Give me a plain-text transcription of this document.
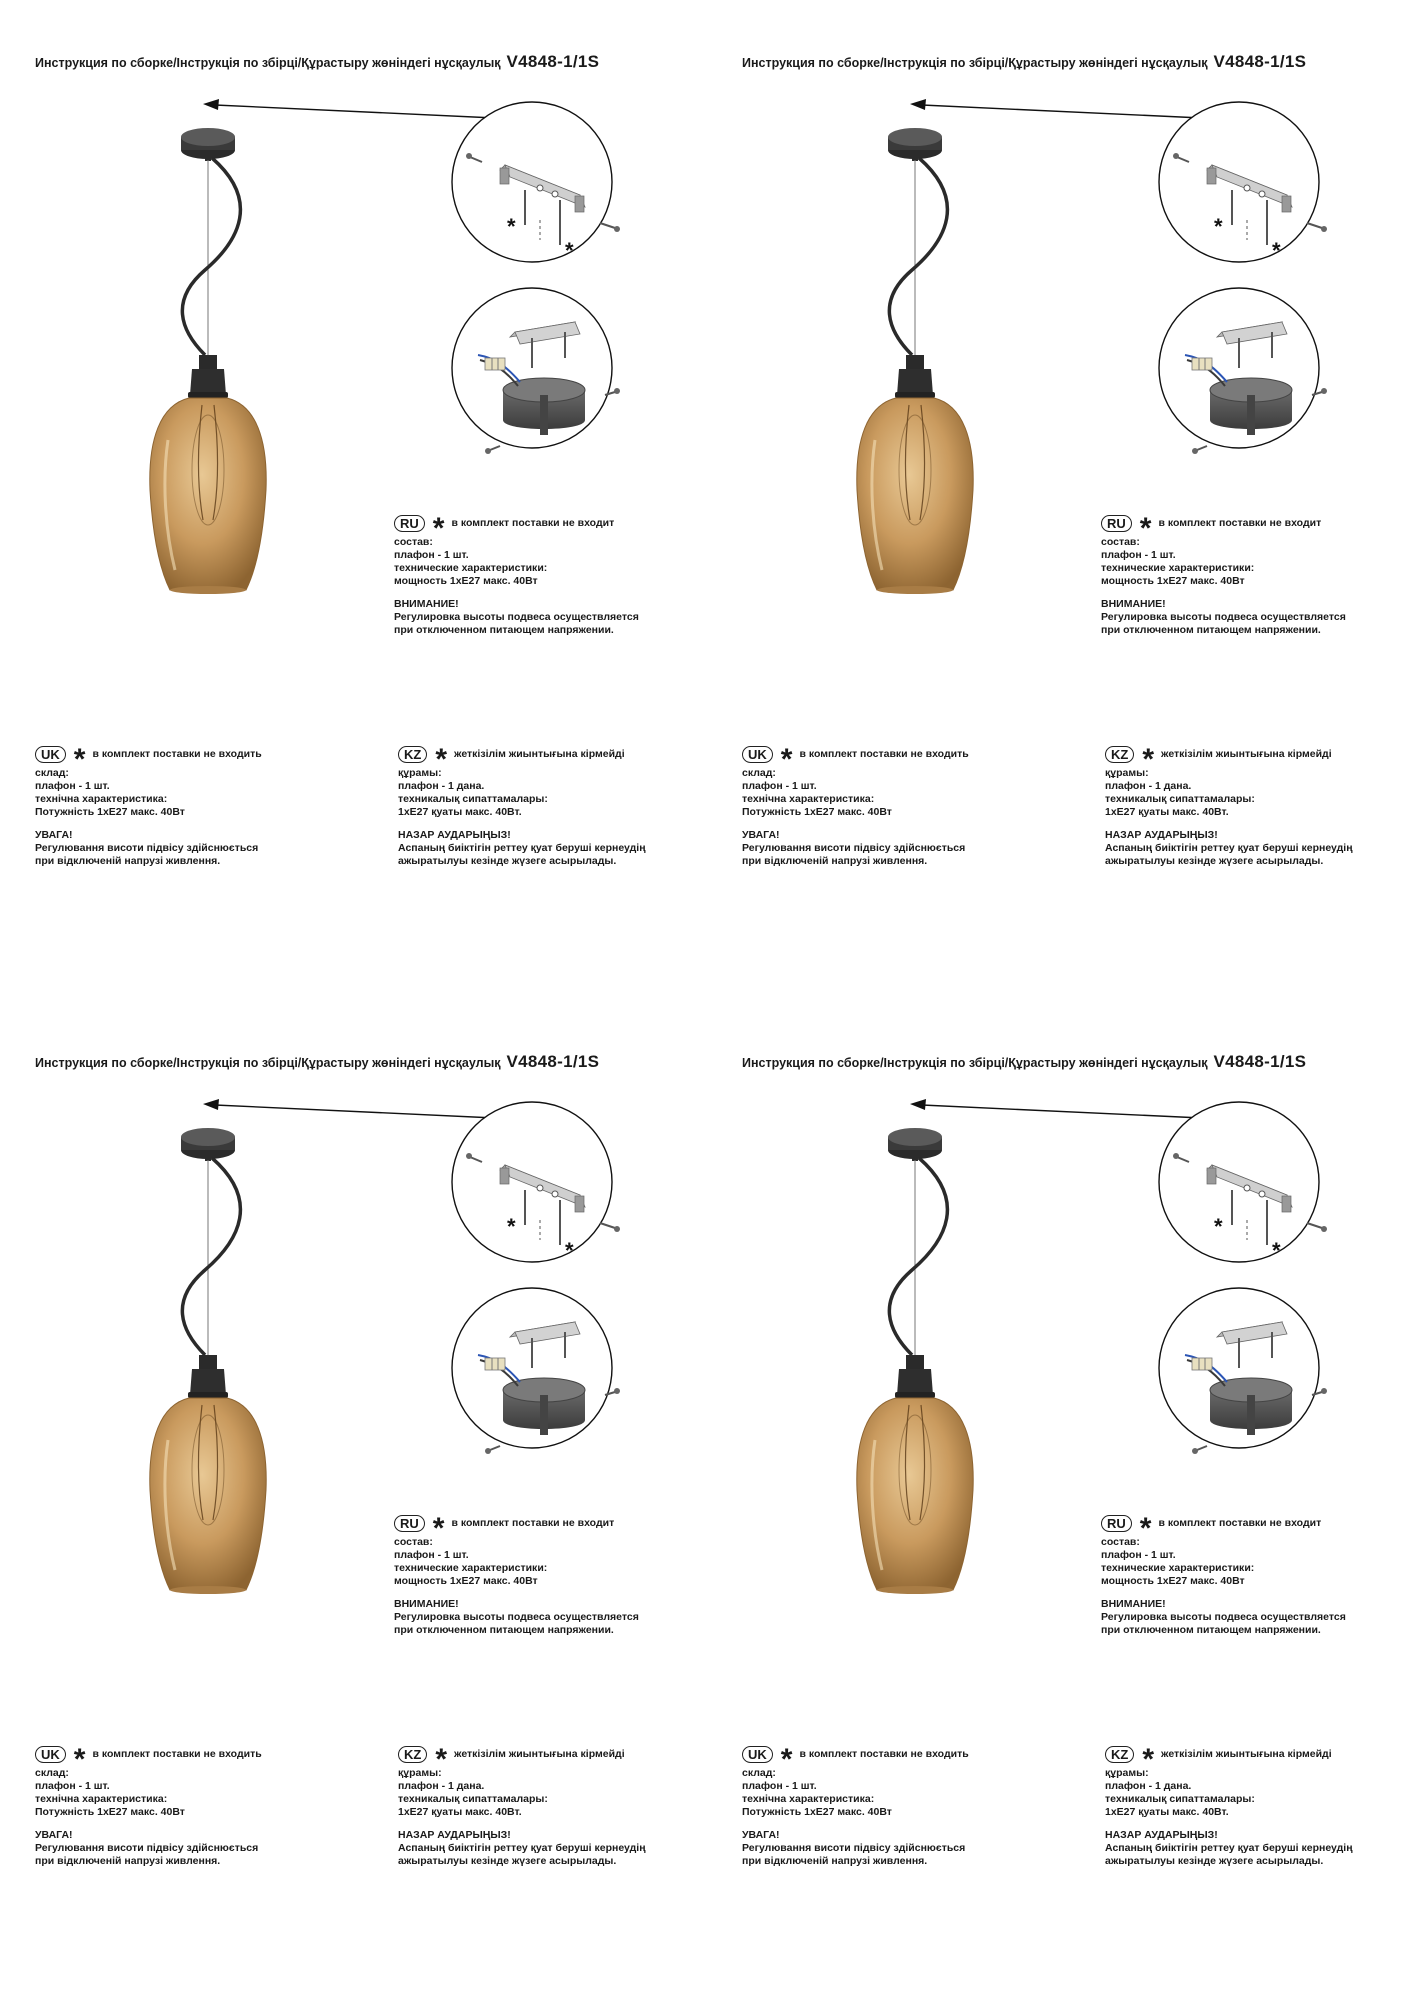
Инструкция по сборке/Інструкція по збірці/Құрастыру жөніндегі нұсқаулық V4848-1/1S
*
*
RU * в комплект поставки не входит
состав:
плафон - 1 шт.
технические характеристики:
мощность 1хЕ27 макс. 40Вт
ВНИМАНИЕ!
Регулировка высоты подвеса осуществляется
при отключенном питающем напряжении.
UK * в комплект поставки не входить
склад:
плафон - 1 шт.
технічна характеристика:
Потужність 1хЕ27 макс. 40Вт
УВАГА!
Регулювання висоти підвісу здійснюється
при відключеній напрузі живлення.
KZ * жеткізілім жиынтығына кірмейді
құрамы:
плафон - 1 дана.
техникалық сипаттамалары:
1хЕ27 қуаты макс. 40Вт.
НАЗАР АУДАРЫҢЫЗ!
Аспаның биіктігін реттеу қуат беруші кернеудің
ажыратылуы кезінде жүзеге асырылады.
Инструкция по сборке/Інструкція по збірці/Құрастыру жөніндегі нұсқаулық V4848-1/1S
*
*
RU * в комплект поставки не входит
состав:
плафон - 1 шт.
технические характеристики:
мощность 1хЕ27 макс. 40Вт
ВНИМАНИЕ!
Регулировка высоты подвеса осуществляется
при отключенном питающем напряжении.
UK * в комплект поставки не входить
склад:
плафон - 1 шт.
технічна характеристика:
Потужність 1хЕ27 макс. 40Вт
УВАГА!
Регулювання висоти підвісу здійснюється
при відключеній напрузі живлення.
KZ * жеткізілім жиынтығына кірмейді
құрамы:
плафон - 1 дана.
техникалық сипаттамалары:
1хЕ27 қуаты макс. 40Вт.
НАЗАР АУДАРЫҢЫЗ!
Аспаның биіктігін реттеу қуат беруші кернеудің
ажыратылуы кезінде жүзеге асырылады.
Инструкция по сборке/Інструкція по збірці/Құрастыру жөніндегі нұсқаулық V4848-1/1S
*
*
RU * в комплект поставки не входит
состав:
плафон - 1 шт.
технические характеристики:
мощность 1хЕ27 макс. 40Вт
ВНИМАНИЕ!
Регулировка высоты подвеса осуществляется
при отключенном питающем напряжении.
UK * в комплект поставки не входить
склад:
плафон - 1 шт.
технічна характеристика:
Потужність 1хЕ27 макс. 40Вт
УВАГА!
Регулювання висоти підвісу здійснюється
при відключеній напрузі живлення.
KZ * жеткізілім жиынтығына кірмейді
құрамы:
плафон - 1 дана.
техникалық сипаттамалары:
1хЕ27 қуаты макс. 40Вт.
НАЗАР АУДАРЫҢЫЗ!
Аспаның биіктігін реттеу қуат беруші кернеудің
ажыратылуы кезінде жүзеге асырылады.
Инструкция по сборке/Інструкція по збірці/Құрастыру жөніндегі нұсқаулық V4848-1/1S
*
*
RU * в комплект поставки не входит
состав:
плафон - 1 шт.
технические характеристики:
мощность 1хЕ27 макс. 40Вт
ВНИМАНИЕ!
Регулировка высоты подвеса осуществляется
при отключенном питающем напряжении.
UK * в комплект поставки не входить
склад:
плафон - 1 шт.
технічна характеристика:
Потужність 1хЕ27 макс. 40Вт
УВАГА!
Регулювання висоти підвісу здійснюється
при відключеній напрузі живлення.
KZ * жеткізілім жиынтығына кірмейді
құрамы:
плафон - 1 дана.
техникалық сипаттамалары:
1хЕ27 қуаты макс. 40Вт.
НАЗАР АУДАРЫҢЫЗ!
Аспаның биіктігін реттеу қуат беруші кернеудің
ажыратылуы кезінде жүзеге асырылады.
